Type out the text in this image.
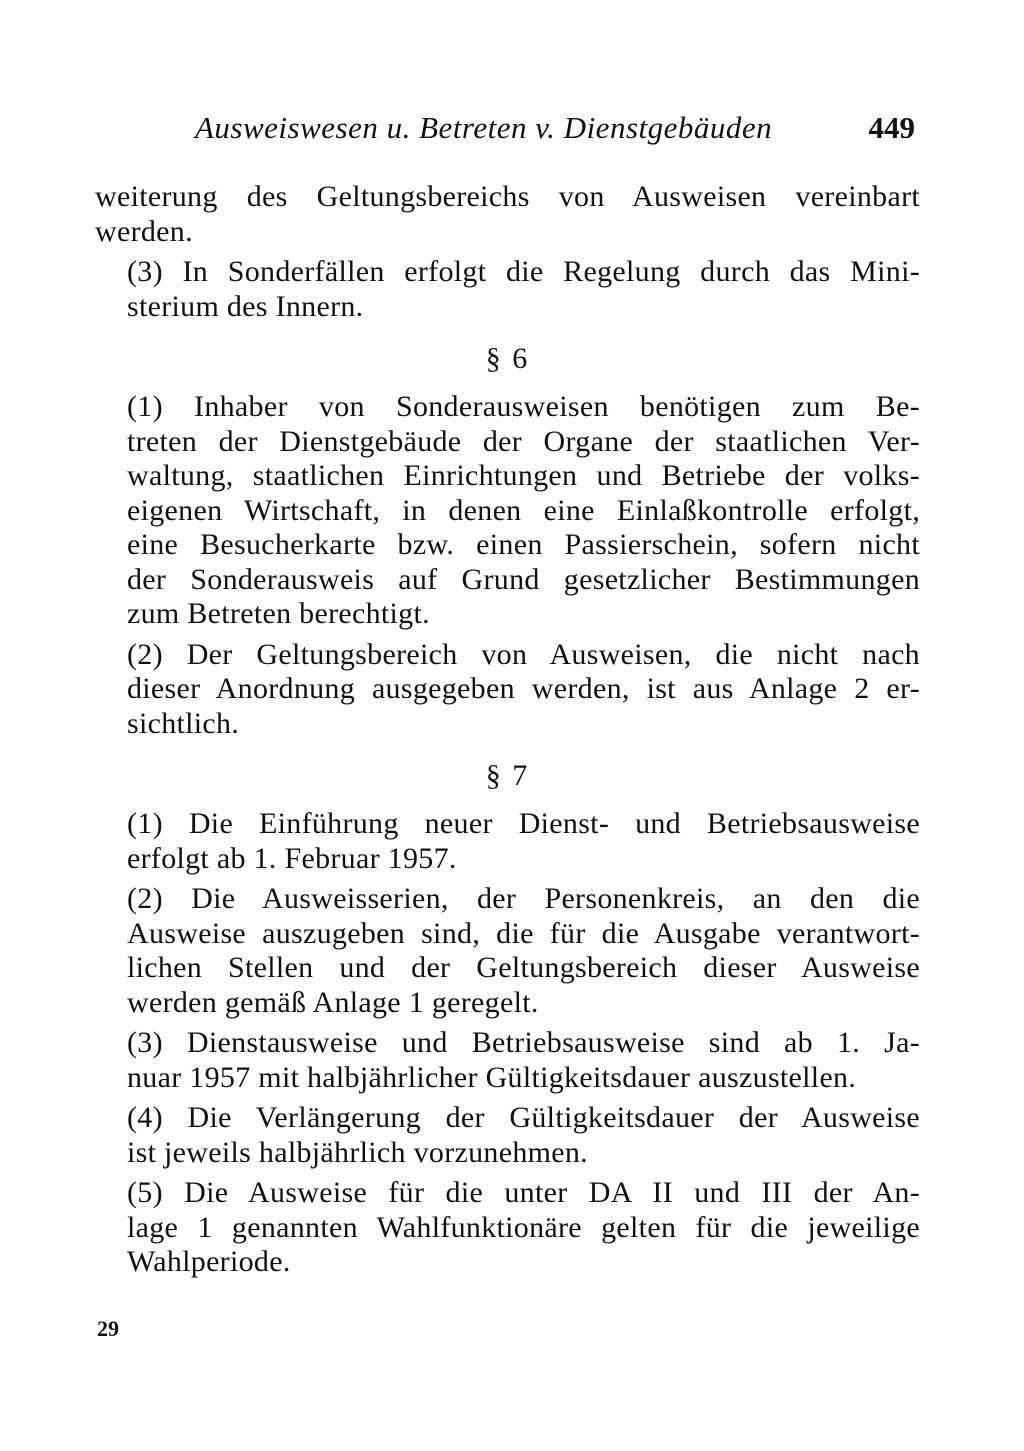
Ausweiswesen u. Betreten v. Dienstgebäuden	449

weiterung des Geltungsbereichs von Ausweisen vereinbart
werden.

(3) In Sonderfällen erfolgt die Regelung durch das Mini-
sterium des Innern.

§ 6

(1) Inhaber von Sonderausweisen benötigen zum Be-
treten der Dienstgebäude der Organe der staatlichen Ver-
waltung, staatlichen Einrichtungen und Betriebe der volks-
eigenen Wirtschaft, in denen eine Einlaßkontrolle erfolgt,
eine Besucherkarte bzw. einen Passierschein, sofern nicht
der Sonderausweis auf Grund gesetzlicher Bestimmungen
zum Betreten berechtigt.

(2) Der Geltungsbereich von Ausweisen, die nicht nach
dieser Anordnung ausgegeben werden, ist aus Anlage 2 er-
sichtlich.

§ 7

(1) Die Einführung neuer Dienst- und Betriebsausweise
erfolgt ab 1. Februar 1957.

(2) Die Ausweisserien, der Personenkreis, an den die
Ausweise auszugeben sind, die für die Ausgabe verantwort-
lichen Stellen und der Geltungsbereich dieser Ausweise
werden gemäß Anlage 1 geregelt.

(3) Dienstausweise und Betriebsausweise sind ab 1. Ja-
nuar 1957 mit halbjährlicher Gültigkeitsdauer auszustellen.

(4) Die Verlängerung der Gültigkeitsdauer der Ausweise
ist jeweils halbjährlich vorzunehmen.

(5) Die Ausweise für die unter DA II und III der An-
lage 1 genannten Wahlfunktionäre gelten für die jeweilige
Wahlperiode.

29
